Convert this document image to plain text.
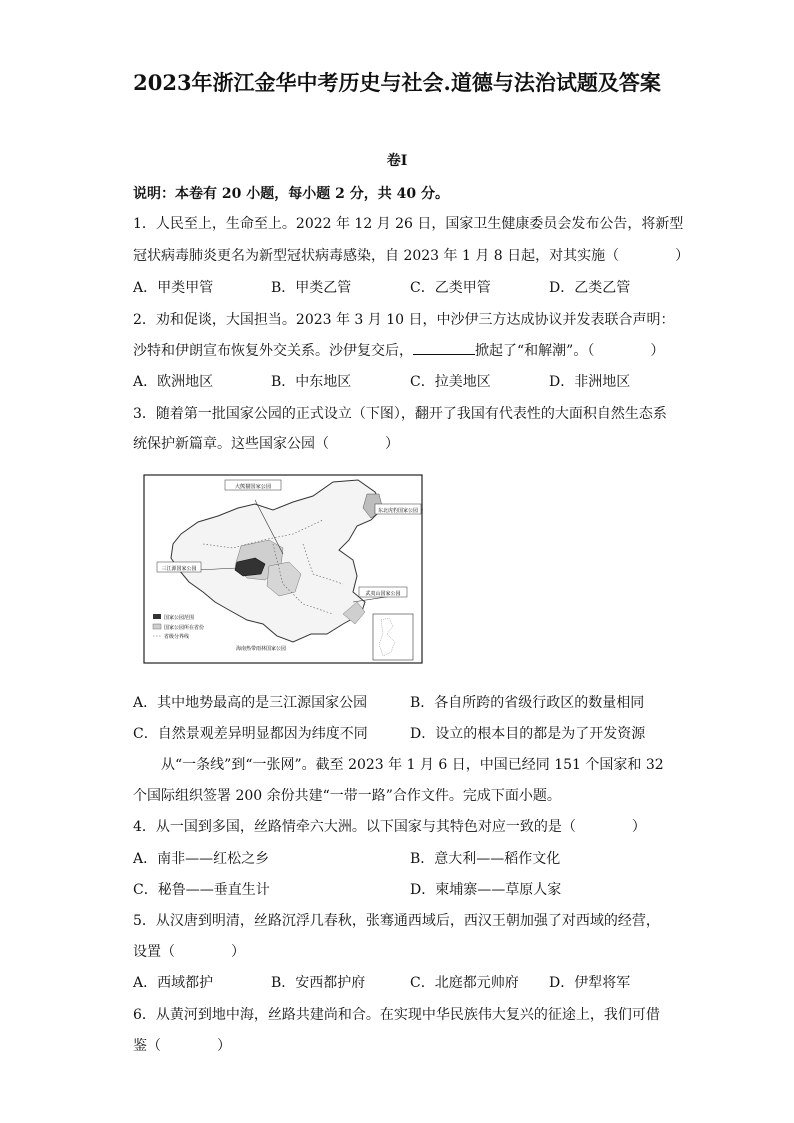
2023年浙江金华中考历史与社会.道德与法治试题及答案
卷I
说明：本卷有 20 小题，每小题 2 分，共 40 分。
1．人民至上，生命至上。2022 年 12 月 26 日，国家卫生健康委员会发布公告，将新型
冠状病毒肺炎更名为新型冠状病毒感染，自 2023 年 1 月 8 日起，对其实施（　　　　）
A．甲类甲管	B．甲类乙管	C．乙类甲管	D．乙类乙管
2．劝和促谈，大国担当。2023 年 3 月 10 日，中沙伊三方达成协议并发表联合声明：
沙特和伊朗宣布恢复外交关系。沙伊复交后，	掀起了“和解潮”。（　　　　）
A．欧洲地区	B．中东地区	C．拉美地区	D．非洲地区
3．随着第一批国家公园的正式设立（下图），翻开了我国有代表性的大面积自然生态系
统保护新篇章。这些国家公园（　　　　）
大熊猫国家公园
东北虎豹国家公园
三江源国家公园
武夷山国家公园
海南热带雨林国家公园
国家公园范围
国家公园所在省份
省级分界线
A．其中地势最高的是三江源国家公园	B．各自所跨的省级行政区的数量相同
C．自然景观差异明显都因为纬度不同	D．设立的根本目的都是为了开发资源
从“一条线”到“一张网”。截至 2023 年 1 月 6 日，中国已经同 151 个国家和 32
个国际组织签署 200 余份共建“一带一路”合作文件。完成下面小题。
4．从一国到多国，丝路情牵六大洲。以下国家与其特色对应一致的是（　　　　）
A．南非——红松之乡	B．意大利——稻作文化
C．秘鲁——垂直生计	D．柬埔寨——草原人家
5．从汉唐到明清，丝路沉浮几春秋，张骞通西域后，西汉王朝加强了对西域的经营，
设置（　　　　）
A．西域都护	B．安西都护府	C．北庭都元帅府 D．伊犁将军
6．从黄河到地中海，丝路共建尚和合。在实现中华民族伟大复兴的征途上，我们可借
鉴（　　　　）
